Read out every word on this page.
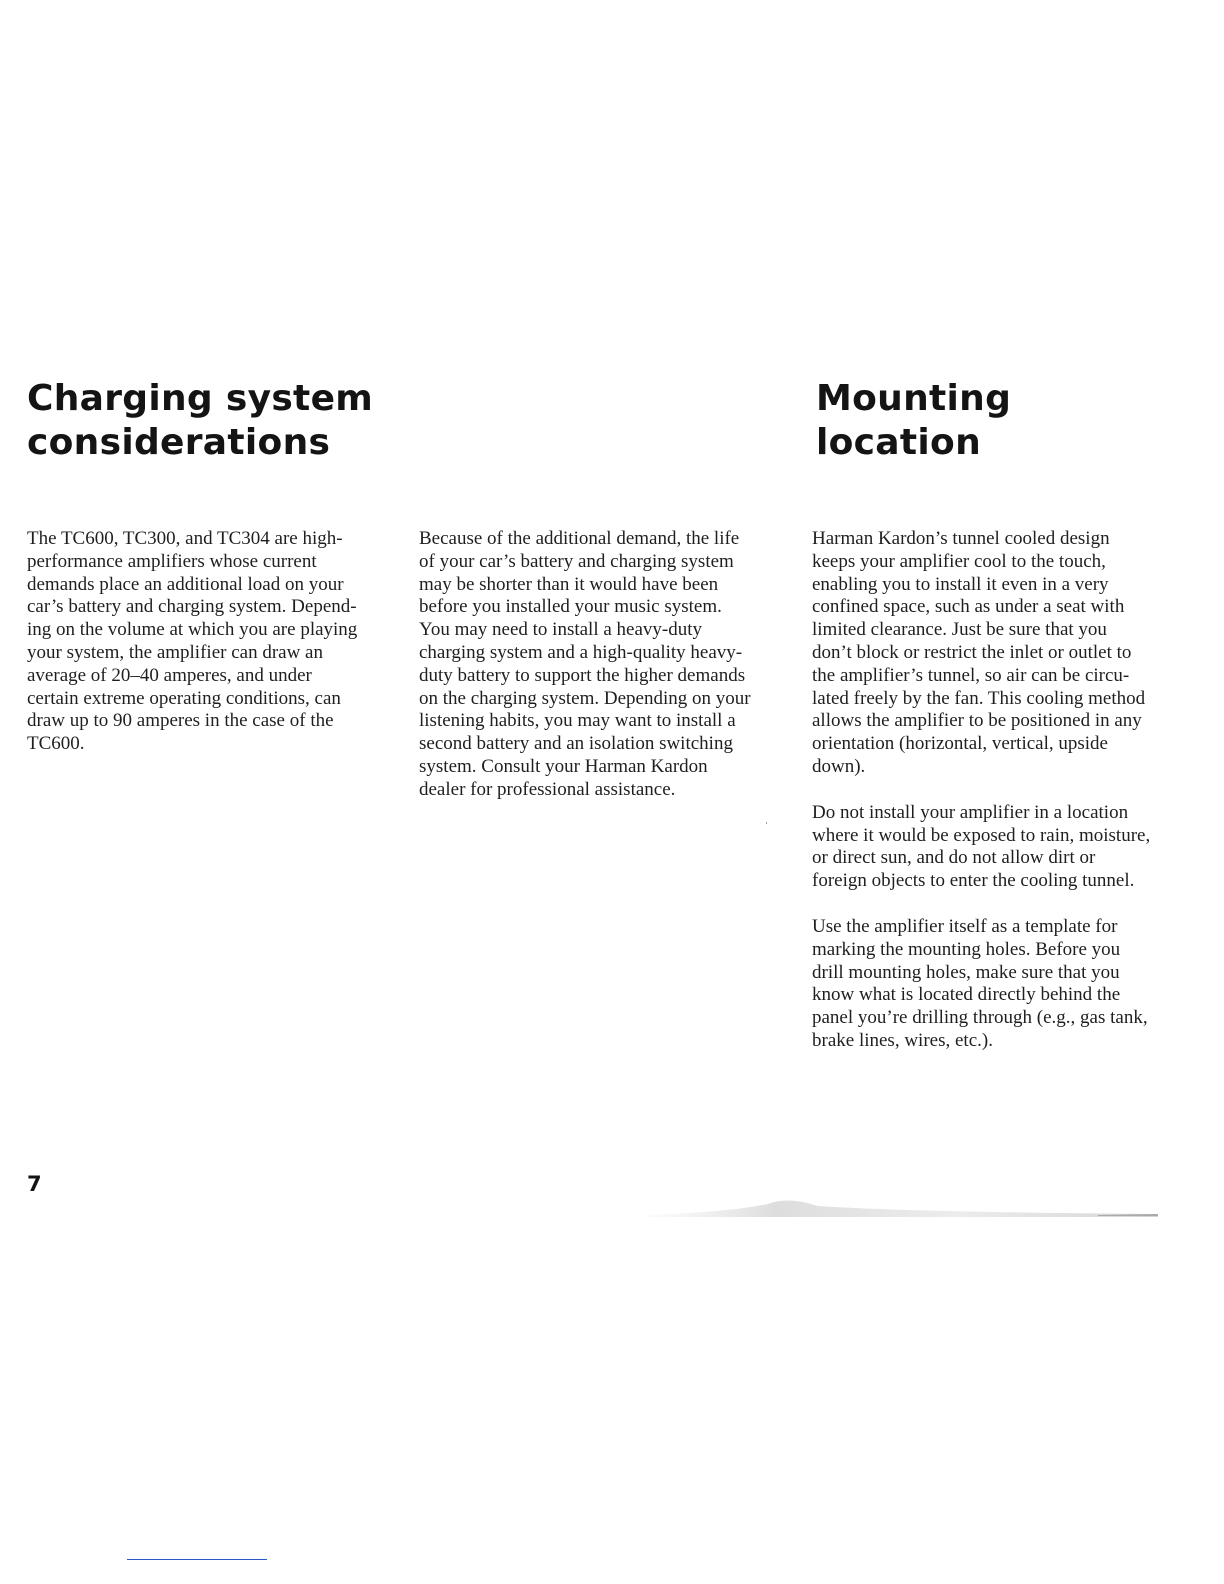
Charging system
considerations
Mounting
location

The TC600, TC300, and TC304 are high-
performance amplifiers whose current
demands place an additional load on your
car’s battery and charging system. Depend-
ing on the volume at which you are playing
your system, the amplifier can draw an
average of 20–40 amperes, and under
certain extreme operating conditions, can
draw up to 90 amperes in the case of the
TC600.

Because of the additional demand, the life
of your car’s battery and charging system
may be shorter than it would have been
before you installed your music system.
You may need to install a heavy-duty
charging system and a high-quality heavy-
duty battery to support the higher demands
on the charging system. Depending on your
listening habits, you may want to install a
second battery and an isolation switching
system. Consult your Harman Kardon
dealer for professional assistance.

Harman Kardon’s tunnel cooled design
keeps your amplifier cool to the touch,
enabling you to install it even in a very
confined space, such as under a seat with
limited clearance. Just be sure that you
don’t block or restrict the inlet or outlet to
the amplifier’s tunnel, so air can be circu-
lated freely by the fan. This cooling method
allows the amplifier to be positioned in any
orientation (horizontal, vertical, upside
down).

Do not install your amplifier in a location
where it would be exposed to rain, moisture,
or direct sun, and do not allow dirt or
foreign objects to enter the cooling tunnel.

Use the amplifier itself as a template for
marking the mounting holes. Before you
drill mounting holes, make sure that you
know what is located directly behind the
panel you’re drilling through (e.g., gas tank,
brake lines, wires, etc.).

7
